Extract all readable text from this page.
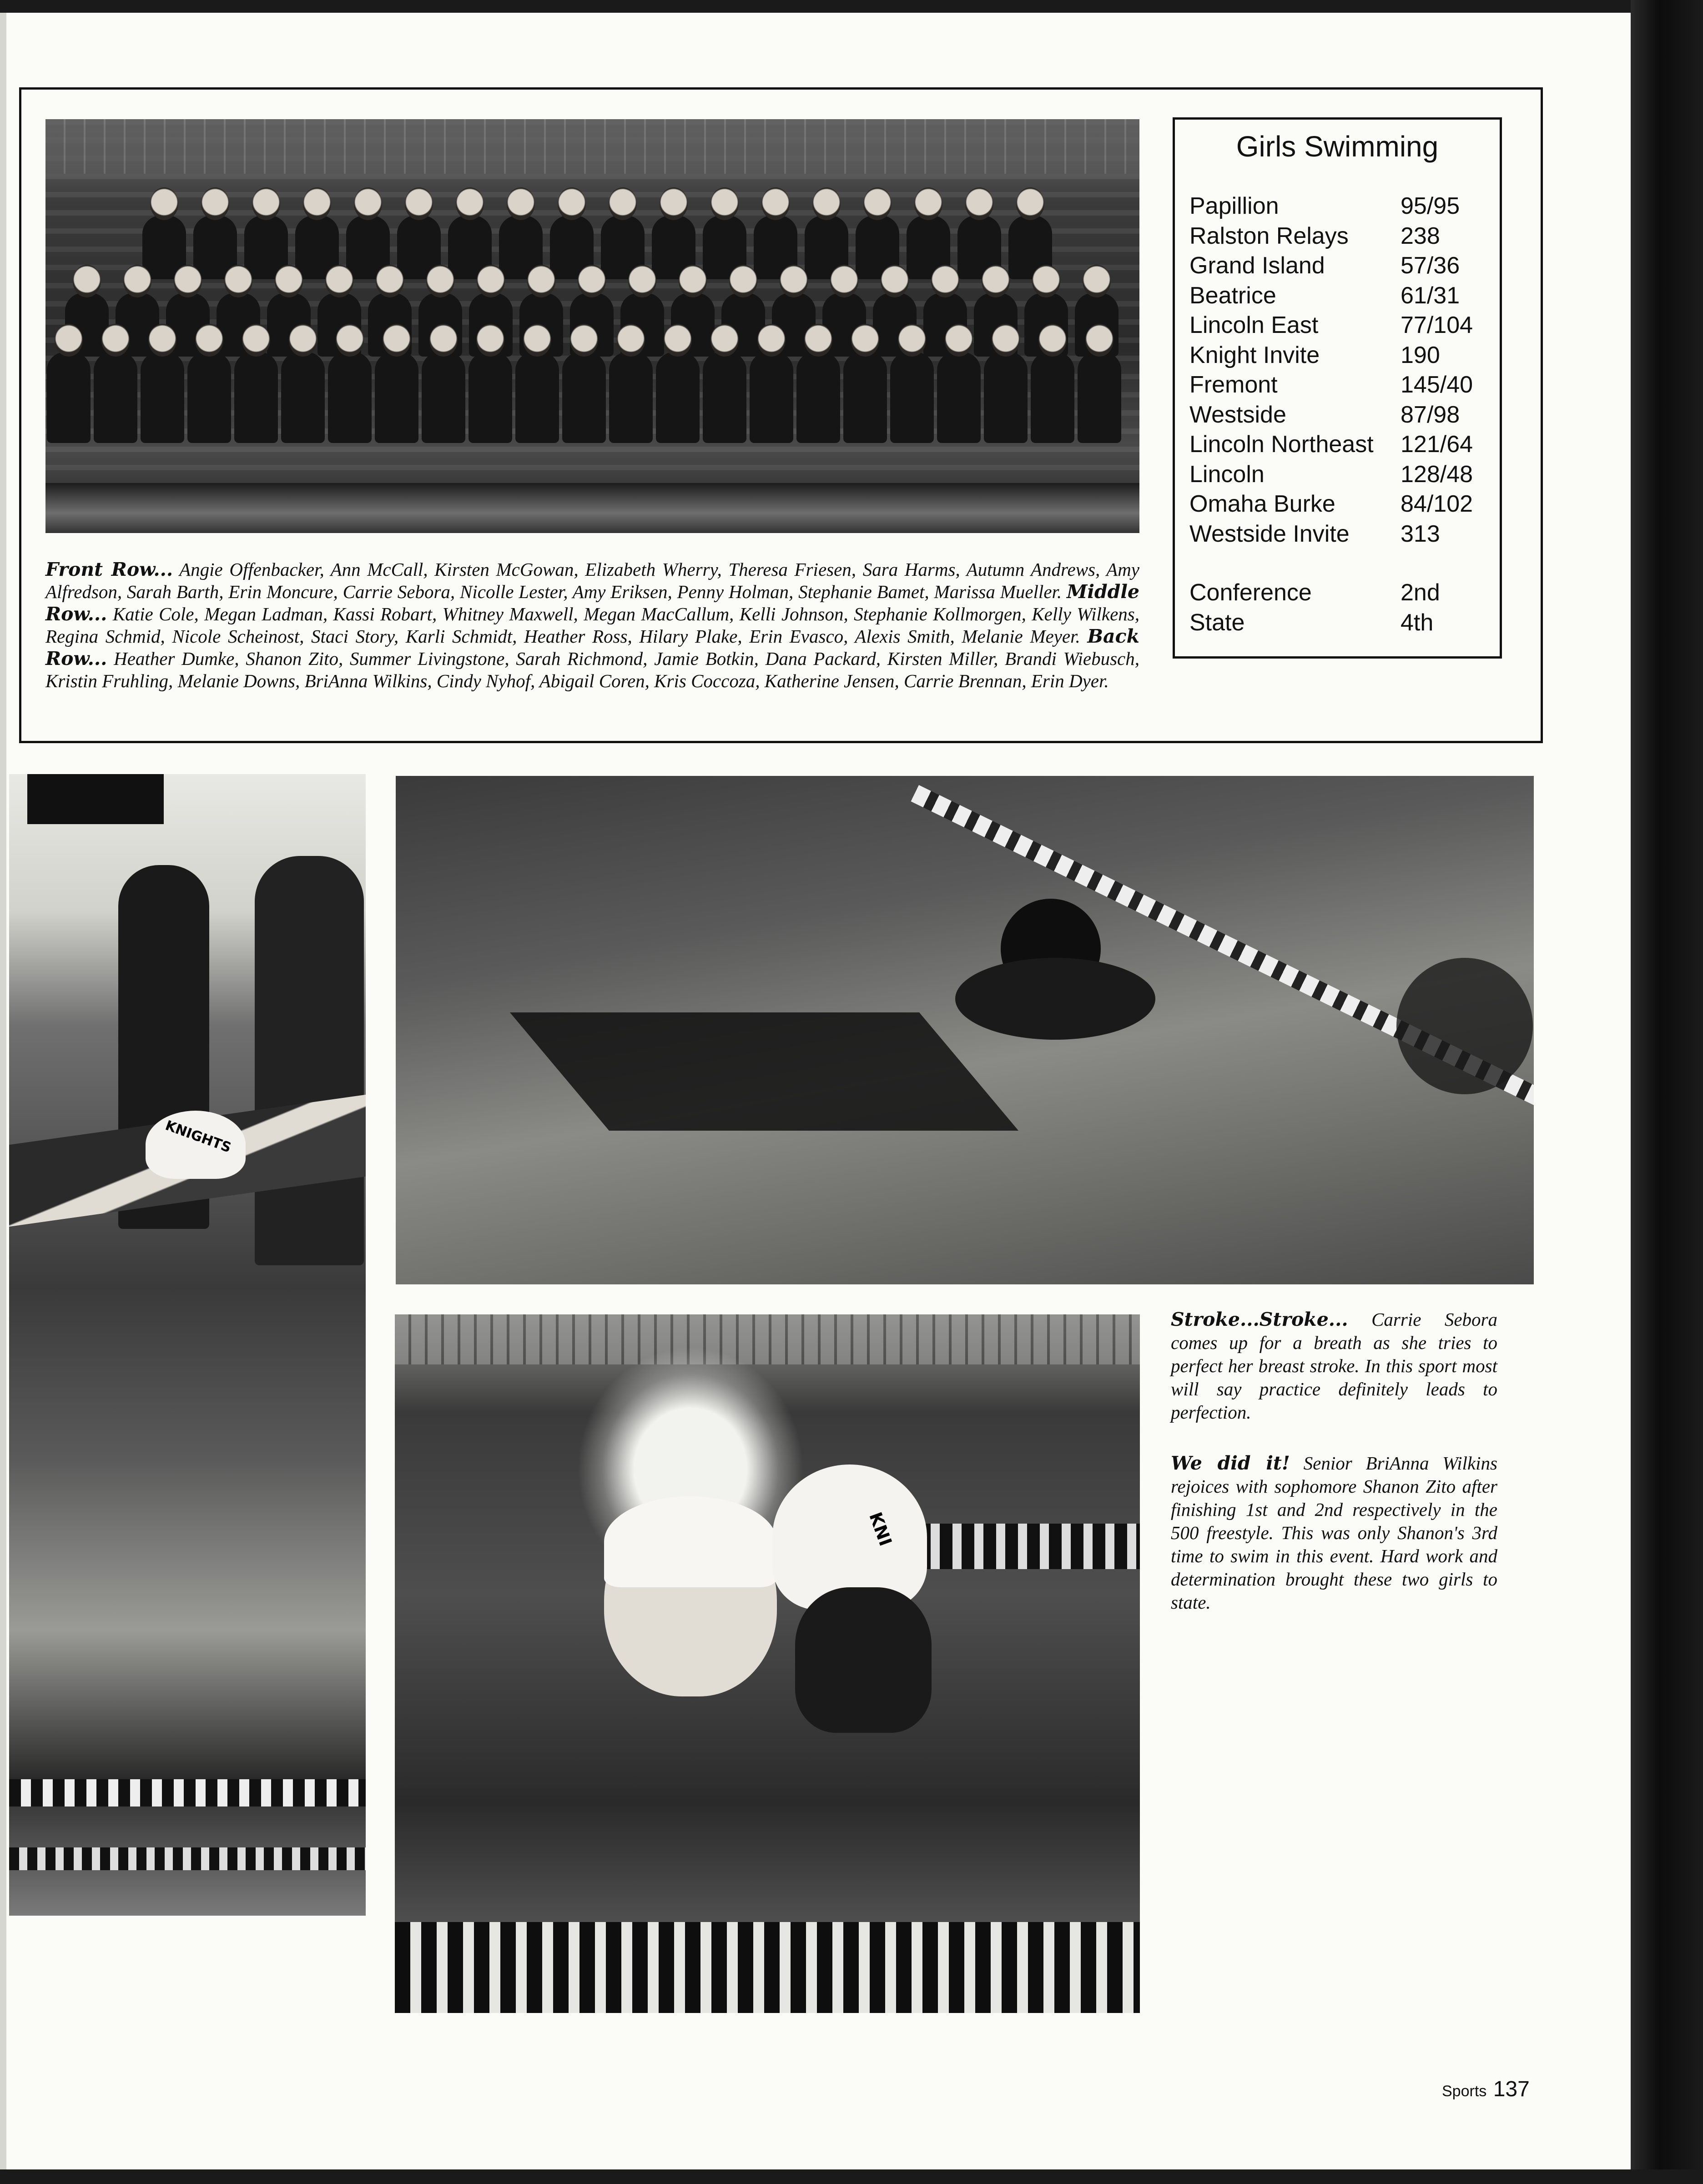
Front Row... Angie Offenbacker, Ann McCall, Kirsten McGowan, Elizabeth Wherry, Theresa Friesen, Sara Harms, Autumn Andrews, Amy Alfredson, Sarah Barth, Erin Moncure, Carrie Sebora, Nicolle Lester, Amy Eriksen, Penny Holman, Stephanie Bamet, Marissa Mueller. Middle Row... Katie Cole, Megan Ladman, Kassi Robart, Whitney Maxwell, Megan MacCallum, Kelli Johnson, Stephanie Kollmorgen, Kelly Wilkens, Regina Schmid, Nicole Scheinost, Staci Story, Karli Schmidt, Heather Ross, Hilary Plake, Erin Evasco, Alexis Smith, Melanie Meyer. Back Row... Heather Dumke, Shanon Zito, Summer Livingstone, Sarah Richmond, Jamie Botkin, Dana Packard, Kirsten Miller, Brandi Wiebusch, Kristin Fruhling, Melanie Downs, BriAnna Wilkins, Cindy Nyhof, Abigail Coren, Kris Coccoza, Katherine Jensen, Carrie Brennan, Erin Dyer.
Girls Swimming
Papillion	95/95
Ralston Relays 238
Grand Island	57/36
Beatrice	61/31
Lincoln East	77/104
Knight Invite	190
Fremont	145/40
Westside	87/98
Lincoln Northeast 121/64
Lincoln	128/48
Omaha Burke	84/102
Westside Invite 313
Conference	2nd
State	4th
KNIGHTS
KNI
Stroke...Stroke... Carrie Sebora comes up for a breath as she tries to perfect her breast stroke. In this sport most will say practice definitely leads to perfection.
We did it! Senior BriAnna Wilkins rejoices with sophomore Shanon Zito after finishing 1st and 2nd respectively in the 500 freestyle. This was only Shanon's 3rd time to swim in this event. Hard work and determination brought these two girls to state.
Sports 137
